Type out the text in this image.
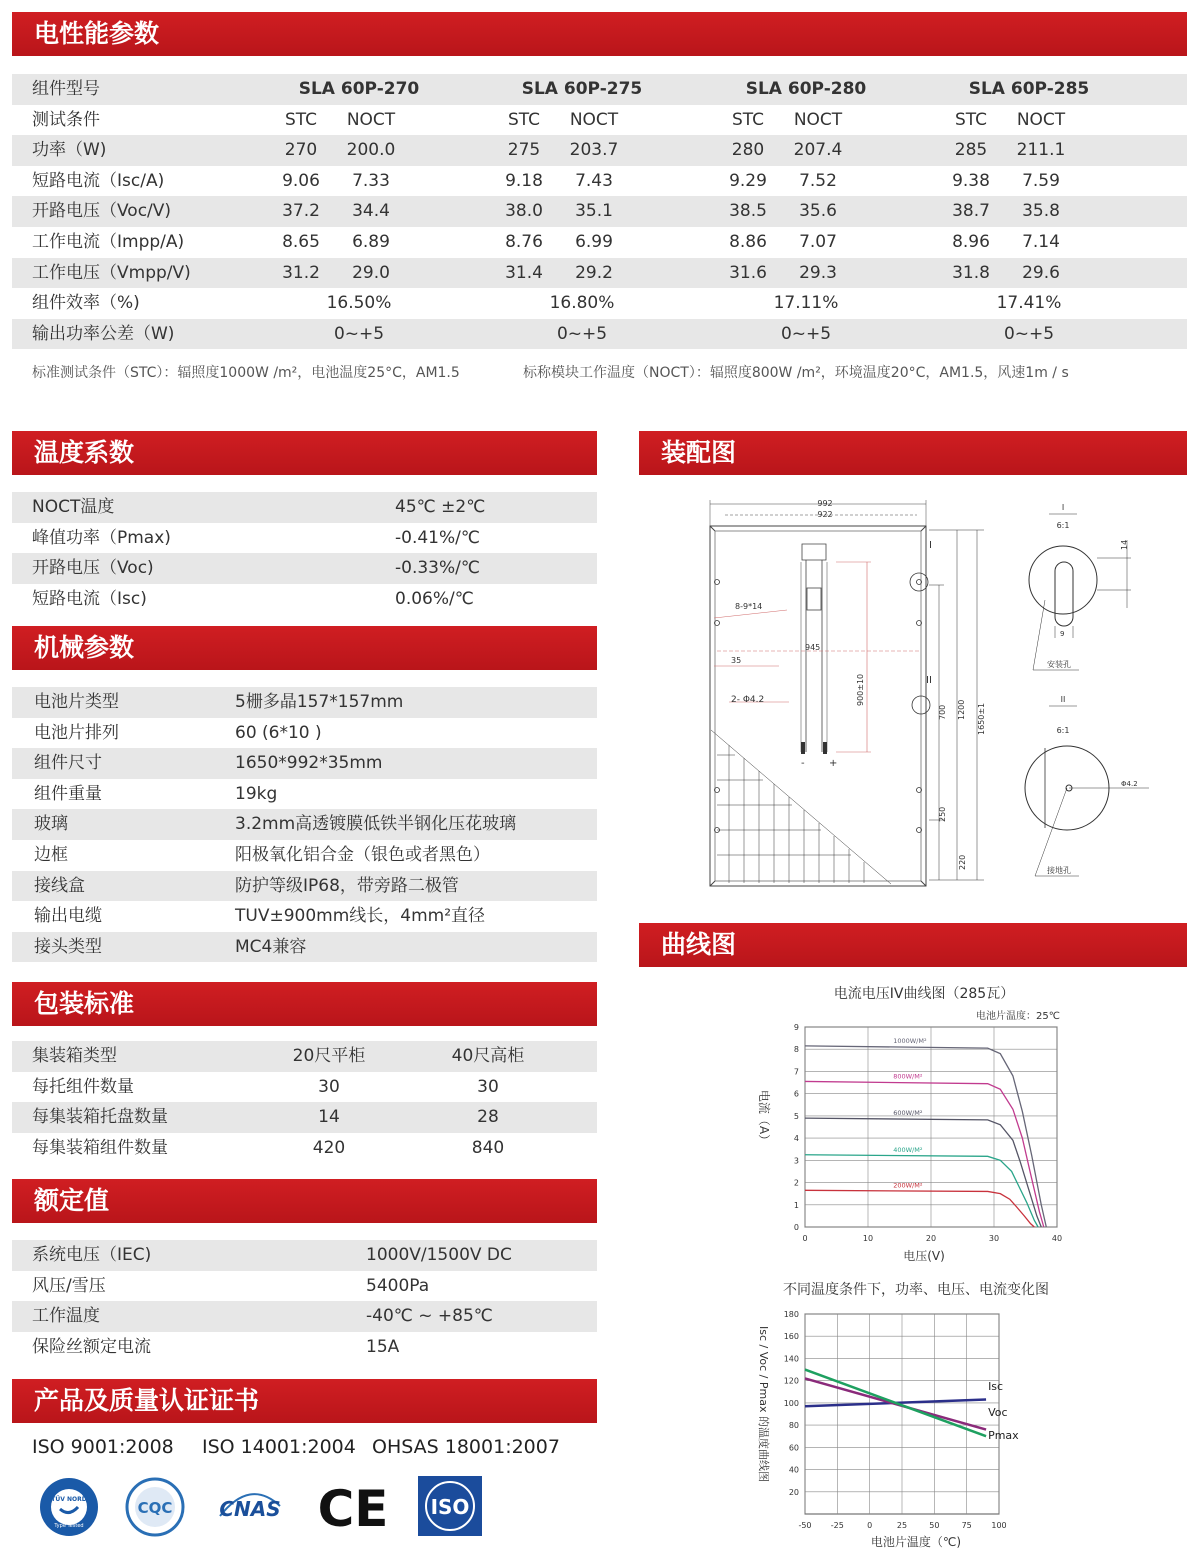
电性能参数
组件型号	SLA 60P-270	SLA 60P-275	SLA 60P-280	SLA 60P-285
测试条件	STC	NOCT	STC	NOCT	STC	NOCT	STC	NOCT
功率（W)	270	200.0	275	203.7	280	207.4	285	211.1
短路电流（Isc/A)	9.06	7.33	9.18	7.43	9.29	7.52	9.38	7.59
开路电压（Voc/V)	37.2	34.4	38.0	35.1	38.5	35.6	38.7	35.8
工作电流（Impp/A)	8.65	6.89	8.76	6.99	8.86	7.07	8.96	7.14
工作电压（Vmpp/V)	31.2	29.0	31.4	29.2	31.6	29.3	31.8	29.6
组件效率（%)	16.50%	16.80%	17.11%	17.41%
输出功率公差（W)	0~+5	0~+5	0~+5	0~+5
标准测试条件（STC）：辐照度1000W /m²，电池温度25°C，AM1.5	标称模块工作温度（NOCT）：辐照度800W /m²，环境温度20°C，AM1.5，风速1m / s
温度系数
NOCT温度	45℃ ±2℃
峰值功率（Pmax)	-0.41%/℃
开路电压（Voc)	-0.33%/℃
短路电流（Isc)	0.06%/℃
机械参数
电池片类型	5栅多晶157*157mm
电池片排列	60 (6*10 )
组件尺寸	1650*992*35mm
组件重量	19kg
玻璃	3.2mm高透镀膜低铁半钢化压花玻璃
边框	阳极氧化铝合金（银色或者黑色）
接线盒	防护等级IP68，带旁路二极管
输出电缆	TUV±900mm线长，4mm²直径
接头类型	MC4兼容
包装标准
集装箱类型	20尺平柜	40尺高柜
每托组件数量	30	30
每集装箱托盘数量	14	28
每集装箱组件数量	420	840
额定值
系统电压（IEC)	1000V/1500V DC
风压/雪压	5400Pa
工作温度	-40℃ ~ +85℃
保险丝额定电流	15A
产品及质量认证证书
ISO 9001:2008 ISO 14001:2004 OHSAS 18001:2007
TÜV NORD
Type Tested
CQC CNAS CE ISO
装配图
992
922
- +
8-9*14
35
2- Φ4.2
945
900±10
I
II
700 1200 1650±1
250
220
I
6:1
14
9
安装孔
II
6:1
Φ4.2
接地孔
曲线图
电流电压IV曲线图（285瓦）
电池片温度：25℃
电压(V)
电流（A）
0	10	20	30	40
0
1
2
3
4
5
6
7
8
9
1000W/M²
800W/M²
600W/M²
400W/M²
200W/M²
不同温度条件下，功率、电压、电流变化图
电池片温度（℃)
Isc / Voc / Pmax 的温度曲线图
-50 -25	0	25	50	75 100
20
40
60
80
100
120
140
160
180
Isc
Voc
Pmax
